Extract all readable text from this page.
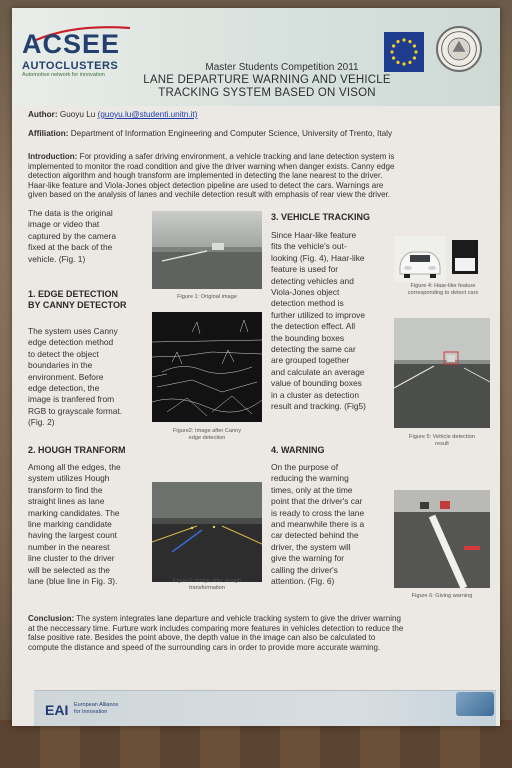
ACSEE
AUTOCLUSTERS
Automotive network for innovation
Master Students Competition 2011
LANE DEPARTURE WARNING AND VEHICLE
TRACKING SYSTEM BASED ON VISON
Author: Guoyu Lu (guoyu.lu@studenti.unitn.it)
Affiliation: Department of Information Engineering and Computer Science, University of Trento, Italy
Introduction: For providing a safer driving environment, a vehicle tracking and lane detection system is
implemented to monitor the road condition and give the driver warning when danger exists. Canny edge
detection algorithm and hough transform are implemented in detecting the lane nearest to the driver.
Haar-like feature and Viola-Jones object detection pipeline are used to detect the cars. Warnings are
given based on the analysis of lanes and vechile detection result with emphasis of rear view the driver.
The data is the original
image or video that
captured by the camera
fixed at the back of the
vehicle. (Fig. 1)
1. EDGE DETECTION
BY CANNY DETECTOR
The system uses Canny
edge detection method
to detect the object
boundaries in the
environment. Before
edge detection, the
image is tranfered from
RGB to grayscale format.
(Fig. 2)
2. HOUGH TRANFORM
Among all the edges, the
system utilizes Hough
transform to find the
straight lines as lane
marking candidates. The
line marking candidate
having the largest count
number in the nearest
line cluster to the driver
will be selected as the
lane (blue line in Fig. 3).
Figure 1: Original image
Figure2: Image after Canny
edge detection
Figure3: image after Hough
transformation
3. VEHICLE TRACKING
Since Haar-like feature
fits the vehicle's out-
looking (Fig. 4), Haar-like
feature is used for
detecting vehicles and
Viola-Jones object
detection method is
further utilized to improve
the detection effect. All
the bounding boxes
detecting the same car
are grouped together
and calculate an average
value of bounding boxes
in a cluster as detection
result and tracking. (Fig5)
4. WARNING
On the purpose of
reducing the warning
times, only at the time
point that the driver's car
is ready to cross the lane
and meanwhile there is a
car detected behind the
driver, the system will
give the warning for
calling the driver's
attention. (Fig. 6)
Figure 4: Haar-like feature
corresponding to detect cars
Figure 5: Vehicle detection
result
Figure 6: Giving warning
Conclusion: The system integrates lane departure and vehicle tracking system to give the driver warning
at the neccessary time. Furture work includes comparing more features in vehicles detection to reduce the
false positive rate. Besides the point above, the depth value in the image can also be calculated to
compute the distance and speed of the surrounding cars in order to provide more accurate warning.
EAI European Alliance
for Innovation
